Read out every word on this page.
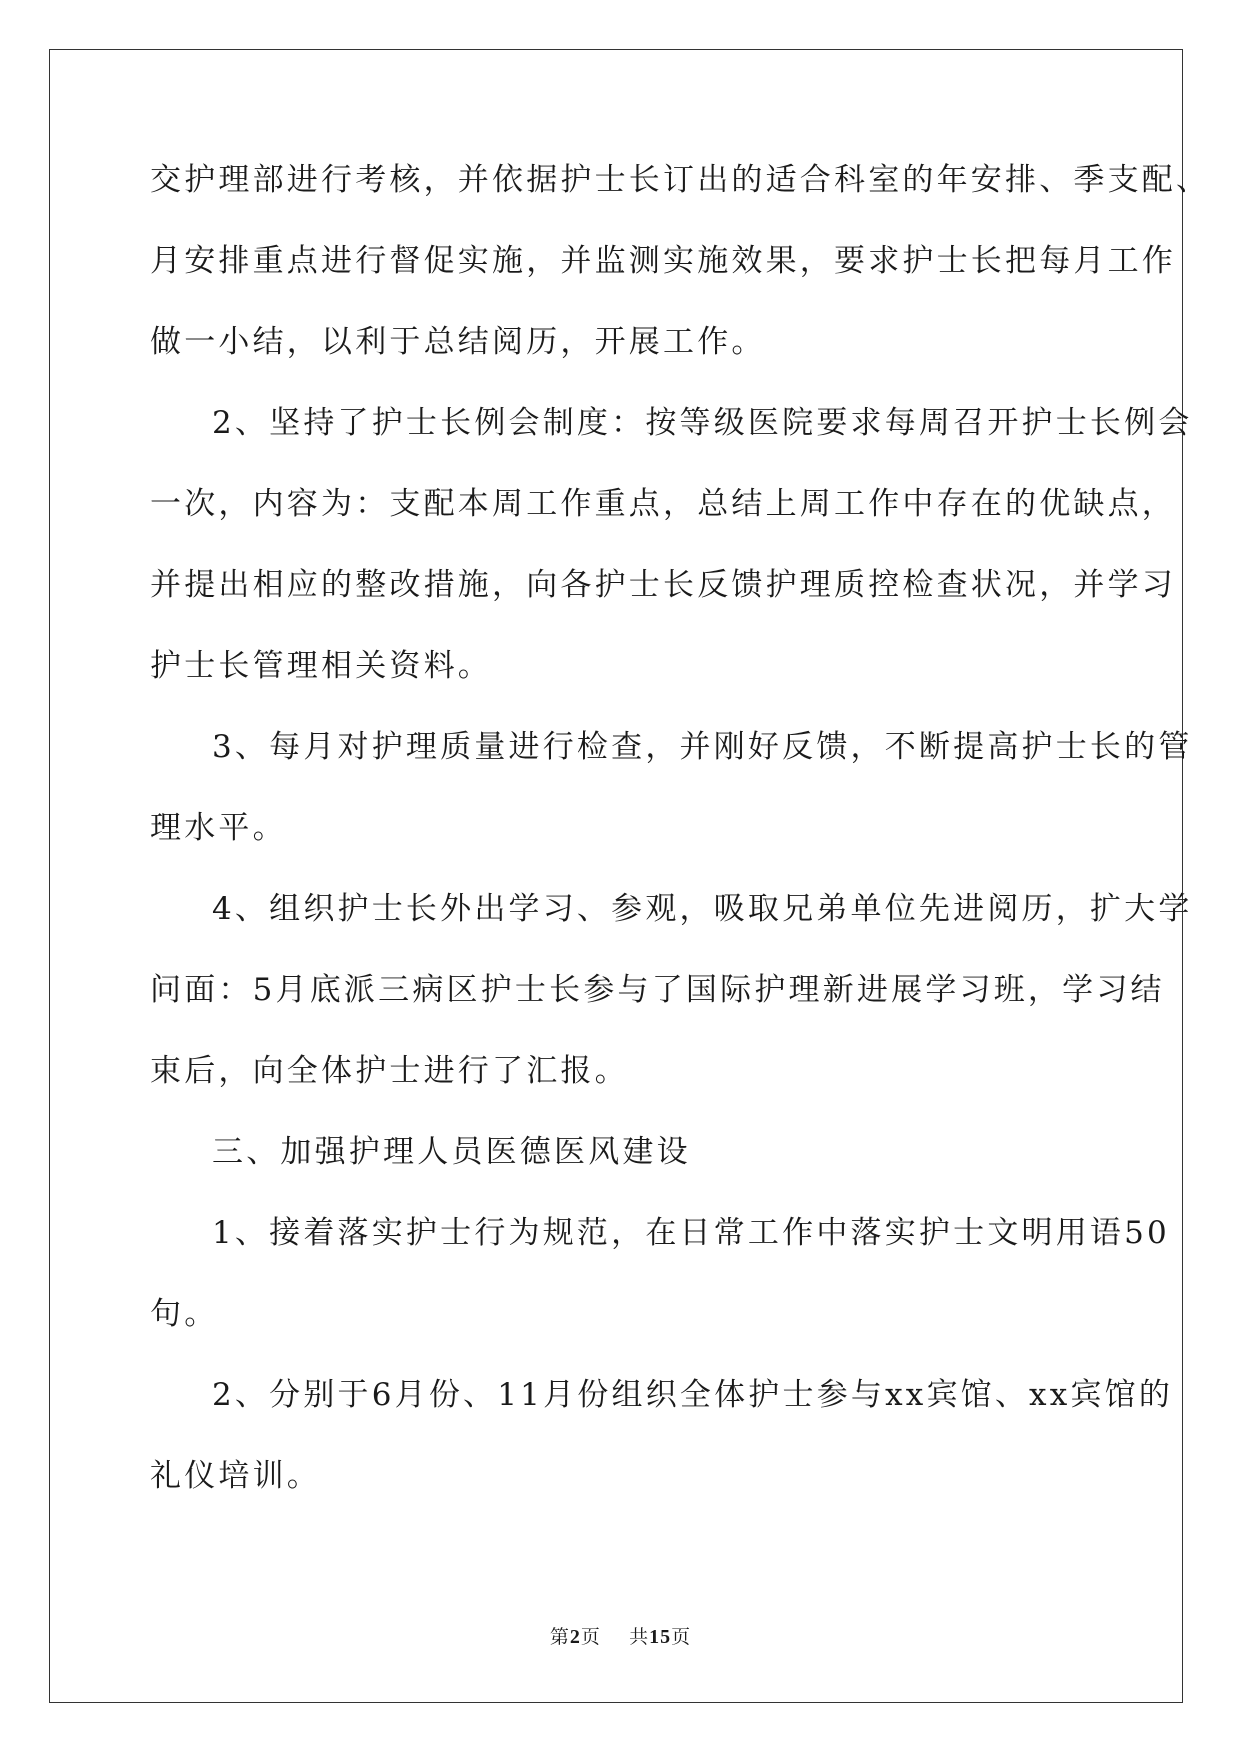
交护理部进行考核，并依据护士长订出的适合科室的年安排、季支配、
月安排重点进行督促实施，并监测实施效果，要求护士长把每月工作
做一小结，以利于总结阅历，开展工作。
2、坚持了护士长例会制度：按等级医院要求每周召开护士长例会
一次，内容为：支配本周工作重点，总结上周工作中存在的优缺点，
并提出相应的整改措施，向各护士长反馈护理质控检查状况，并学习
护士长管理相关资料。
3、每月对护理质量进行检查，并刚好反馈，不断提高护士长的管
理水平。
4、组织护士长外出学习、参观，吸取兄弟单位先进阅历，扩大学
问面：5月底派三病区护士长参与了国际护理新进展学习班，学习结
束后，向全体护士进行了汇报。
三、加强护理人员医德医风建设
1、接着落实护士行为规范，在日常工作中落实护士文明用语50
句。
2、分别于6月份、11月份组织全体护士参与xx宾馆、xx宾馆的
礼仪培训。
第2页 共15页
